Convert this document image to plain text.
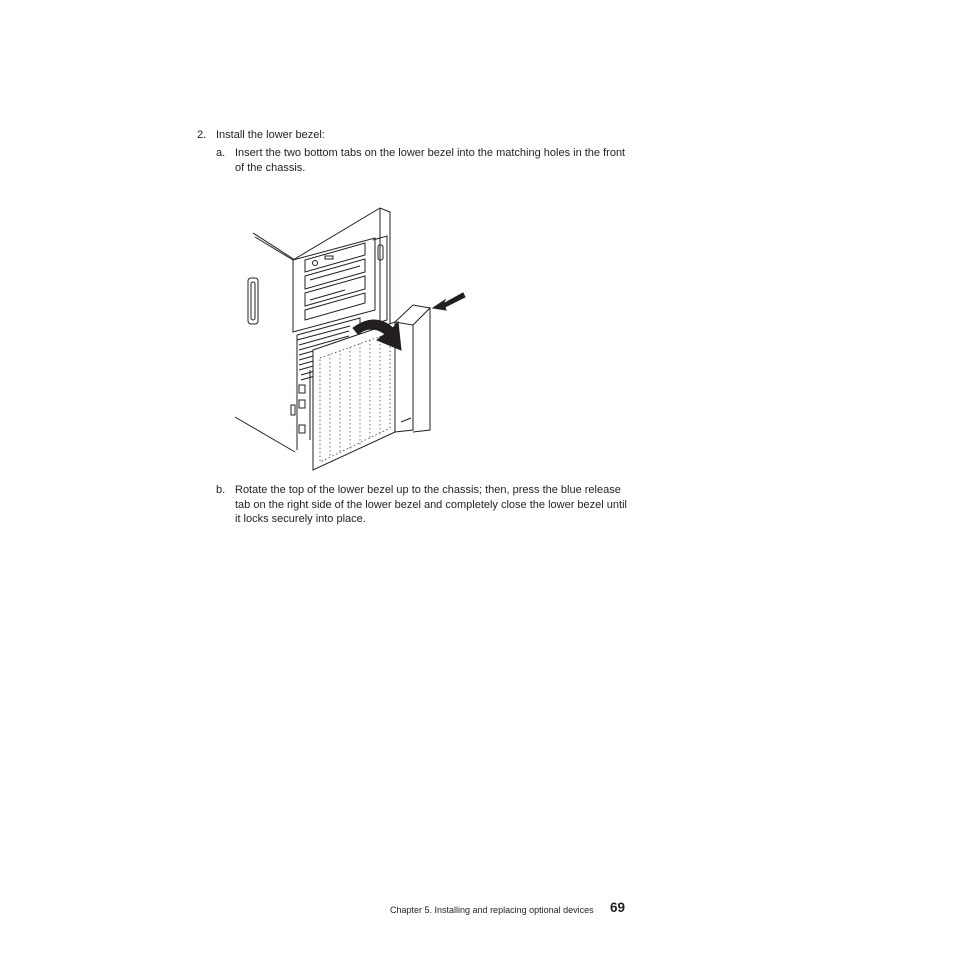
2. Install the lower bezel:
a. Insert the two bottom tabs on the lower bezel into the matching holes in the front of the chassis.
b. Rotate the top of the lower bezel up to the chassis; then, press the blue release tab on the right side of the lower bezel and completely close the lower bezel until it locks securely into place.
Chapter 5. Installing and replacing optional devices 69
